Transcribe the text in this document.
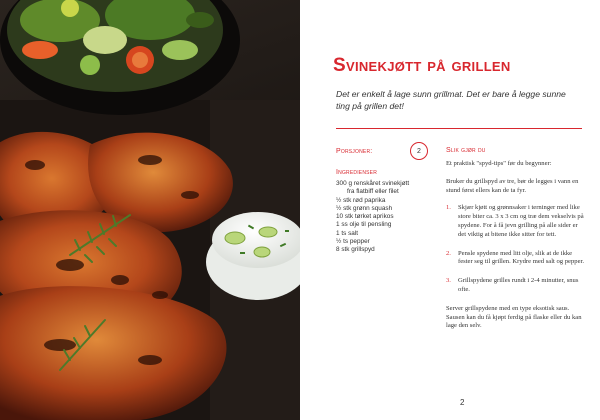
Svinekjøtt på grillen

Det er enkelt å lage sunn grillmat. Det er bare å legge sunne ting på grillen det!

Porsjoner:	2
Ingredienser
300 g renskåret svinekjøtt
fra flatbiff eller filet
½ stk rød paprika
½ stk grønn squash
10 stk tørket aprikos
1 ss olje til pensling
1 ts salt
½ ts pepper
8 stk grillspyd
Slik gjør du

Et praktisk "spyd-tips" før du begynner:

Bruker du grillspyd av tre, bør de legges i vann en stund først ellers kan de ta fyr.

1.	Skjær kjøtt og grønnsaker i terninger med like store biter ca. 3 x 3 cm og træ dem vekselvis på spydene. For å få jevn grilling på alle sider er det viktig at bitene ikke sitter for tett.
2.	Pensle spydene med litt olje, slik at de ikke fester seg til grillen. Krydre med salt og pepper.
3.	Grillspydene grilles rundt i 2-4 minutter, snus ofte.

Server grillspydene med en type eksotisk saus. Sausen kan du få kjøpt ferdig på flaske eller du kan lage den selv.

2
